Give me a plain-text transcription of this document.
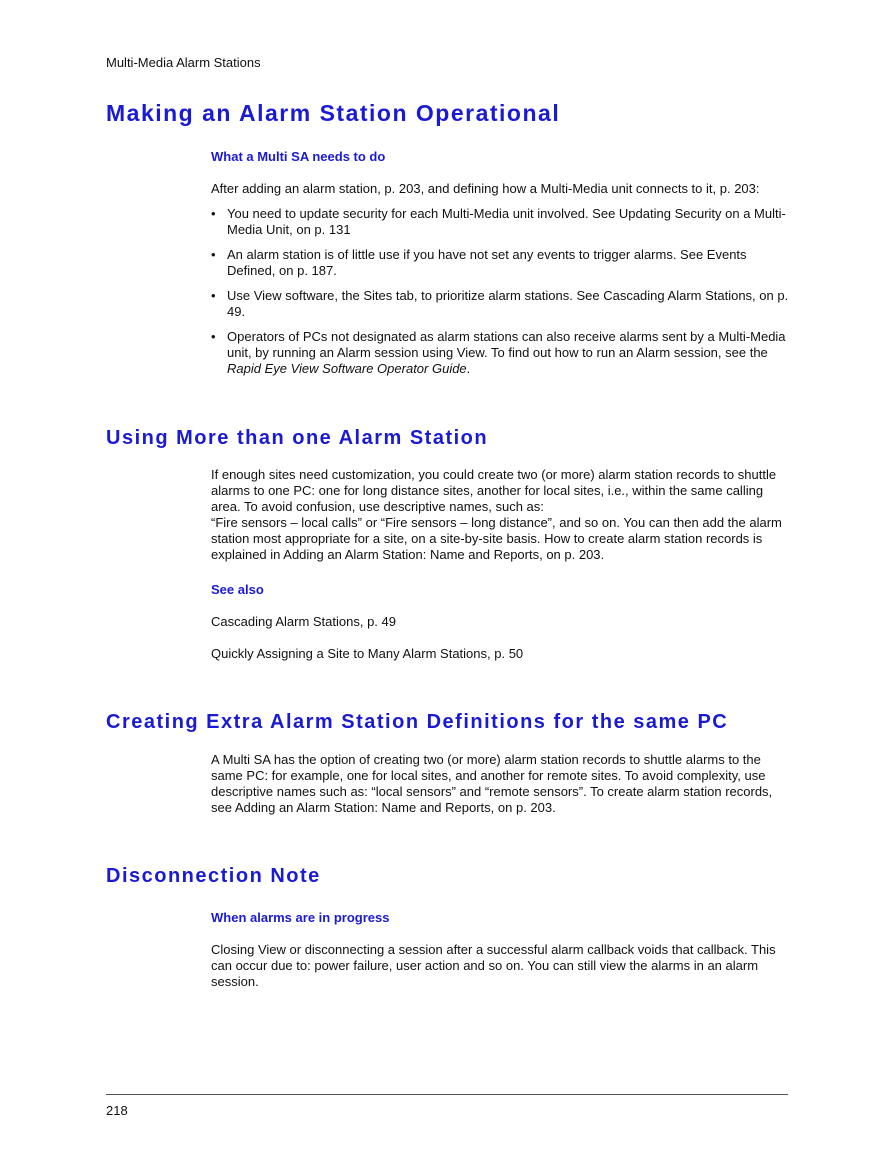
Multi-Media Alarm Stations
Making an Alarm Station Operational
What a Multi SA needs to do

After adding an alarm station, p. 203, and defining how a Multi-Media unit connects to it, p. 203:

• You need to update security for each Multi-Media unit involved. See Updating Security on a Multi-Media Unit, on p. 131
• An alarm station is of little use if you have not set any events to trigger alarms. See Events Defined, on p. 187.
• Use View software, the Sites tab, to prioritize alarm stations. See Cascading Alarm Stations, on p. 49.
• Operators of PCs not designated as alarm stations can also receive alarms sent by a Multi-Media unit, by running an Alarm session using View. To find out how to run an Alarm session, see the Rapid Eye View Software Operator Guide.
Using More than one Alarm Station

If enough sites need customization, you could create two (or more) alarm station records to shuttle alarms to one PC: one for long distance sites, another for local sites, i.e., within the same calling area. To avoid confusion, use descriptive names, such as:

“Fire sensors – local calls” or “Fire sensors – long distance”, and so on. You can then add the alarm station most appropriate for a site, on a site-by-site basis. How to create alarm station records is explained in Adding an Alarm Station: Name and Reports, on p. 203.

See also

Cascading Alarm Stations, p. 49

Quickly Assigning a Site to Many Alarm Stations, p. 50

Creating Extra Alarm Station Definitions for the same PC

A Multi SA has the option of creating two (or more) alarm station records to shuttle alarms to the same PC: for example, one for local sites, and another for remote sites. To avoid complexity, use descriptive names such as: “local sensors” and “remote sensors”. To create alarm station records, see Adding an Alarm Station: Name and Reports, on p. 203.

Disconnection Note
When alarms are in progress

Closing View or disconnecting a session after a successful alarm callback voids that callback. This can occur due to: power failure, user action and so on. You can still view the alarms in an alarm session.

218
